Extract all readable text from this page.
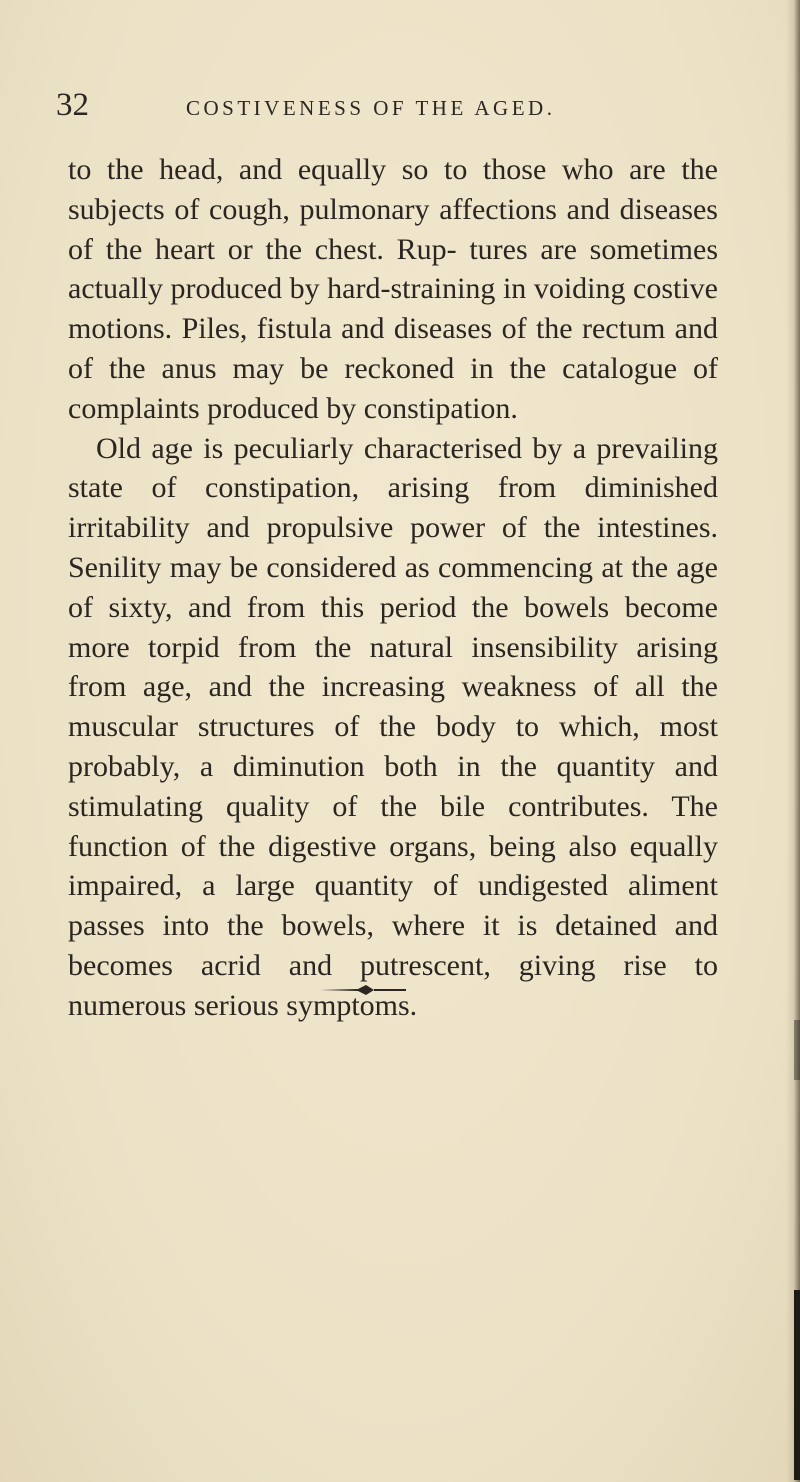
32	COSTIVENESS OF THE AGED.

to the head, and equally so to those who are the subjects of cough, pulmonary affections and diseases of the heart or the chest. Rup- tures are sometimes actually produced by hard-straining in voiding costive motions. Piles, fistula and diseases of the rectum and of the anus may be reckoned in the catalogue of complaints produced by constipation.

Old age is peculiarly characterised by a prevailing state of constipation, arising from diminished irritability and propulsive power of the intestines. Senility may be considered as commencing at the age of sixty, and from this period the bowels become more torpid from the natural insensibility arising from age, and the increasing weakness of all the muscular structures of the body to which, most probably, a diminution both in the quantity and stimulating quality of the bile contributes. The function of the digestive organs, being also equally impaired, a large quantity of undigested aliment passes into the bowels, where it is detained and becomes acrid and putrescent, giving rise to numerous serious symptoms.
